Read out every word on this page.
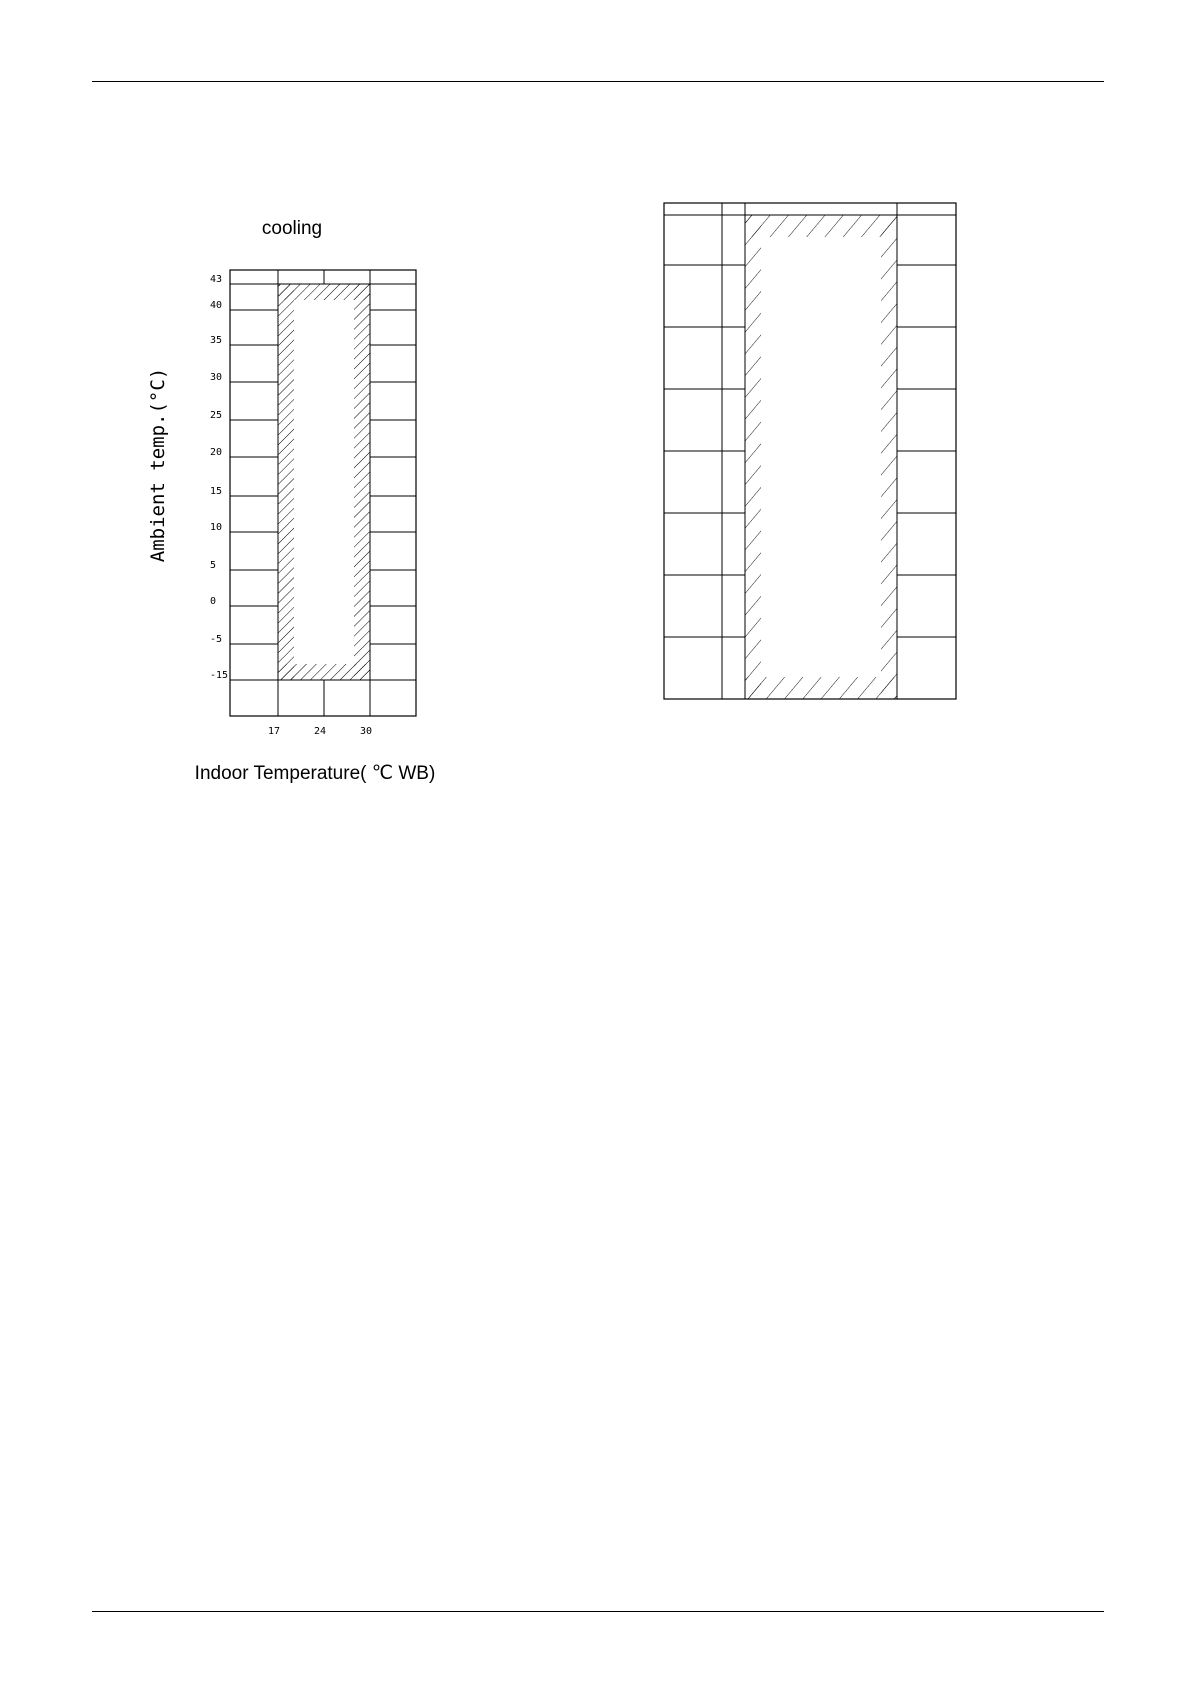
cooling
Ambient temp.(°C)
Indoor Temperature( ℃ WB)
43
40
35
30
25
20
15
10
5
0
-5
-15
17	24	30
